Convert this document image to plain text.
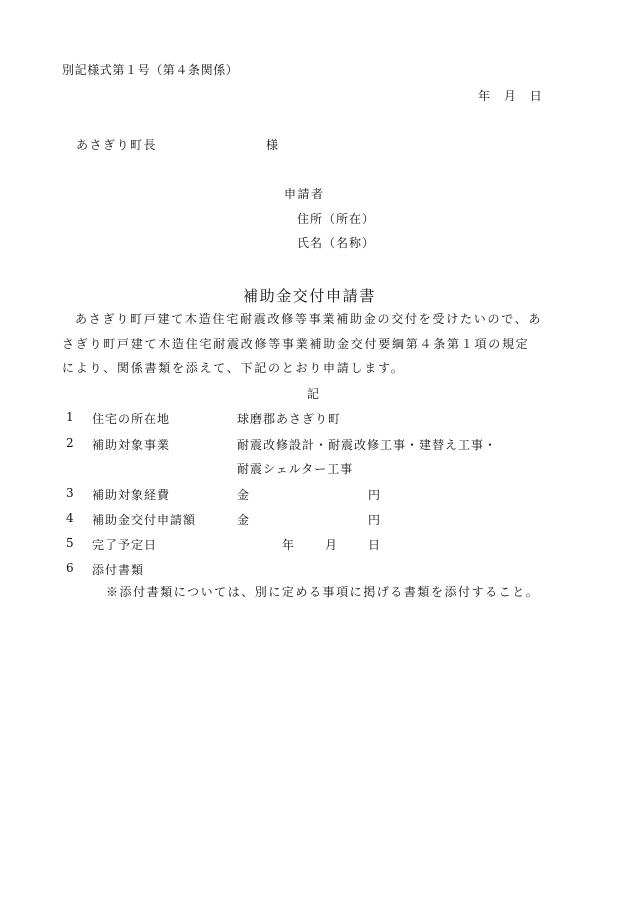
別記様式第１号（第４条関係）
年 月 日
あさぎり町長	様
申請者
住所（所在）
氏名（名称）
補助金交付申請書
あさぎり町戸建て木造住宅耐震改修等事業補助金の交付を受けたいので、あ
さぎり町戸建て木造住宅耐震改修等事業補助金交付要綱第４条第１項の規定
により、関係書類を添えて、下記のとおり申請します。
記
1 住宅の所在地	球磨郡あさぎり町
2 補助対象事業	耐震改修設計・耐震改修工事・建替え工事・
耐震シェルター工事
3 補助対象経費	金	円
4 補助金交付申請額	金	円
5 完了予定日	年	月	日
6 添付書類
※添付書類については、別に定める事項に掲げる書類を添付すること。
